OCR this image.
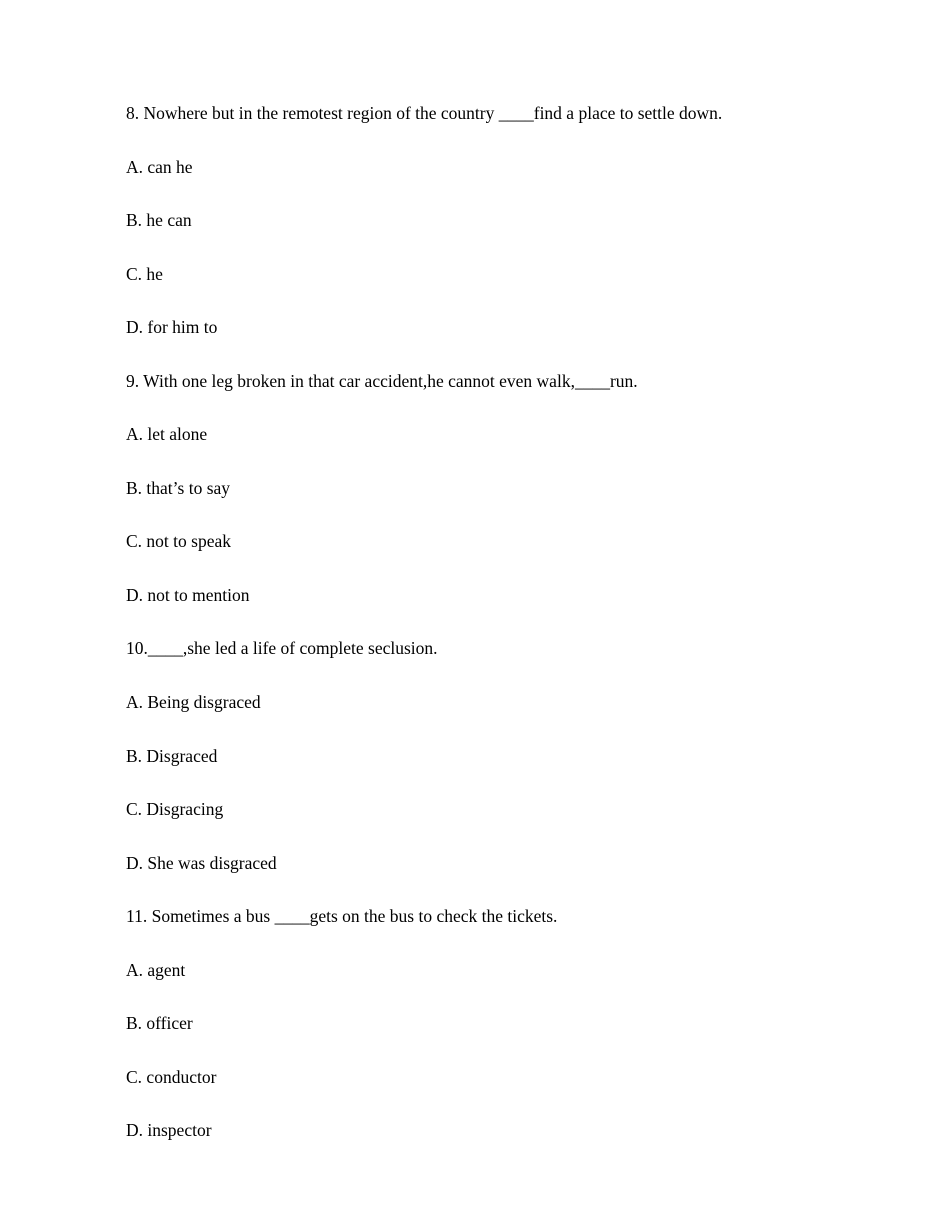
8. Nowhere but in the remotest region of the country ____find a place to settle down.
A. can he
B. he can
C. he
D. for him to
9. With one leg broken in that car accident,he cannot even walk,____run.
A. let alone
B. that’s to say
C. not to speak
D. not to mention
10.____,she led a life of complete seclusion.
A. Being disgraced
B. Disgraced
C. Disgracing
D. She was disgraced
11. Sometimes a bus ____gets on the bus to check the tickets.
A. agent
B. officer
C. conductor
D. inspector
